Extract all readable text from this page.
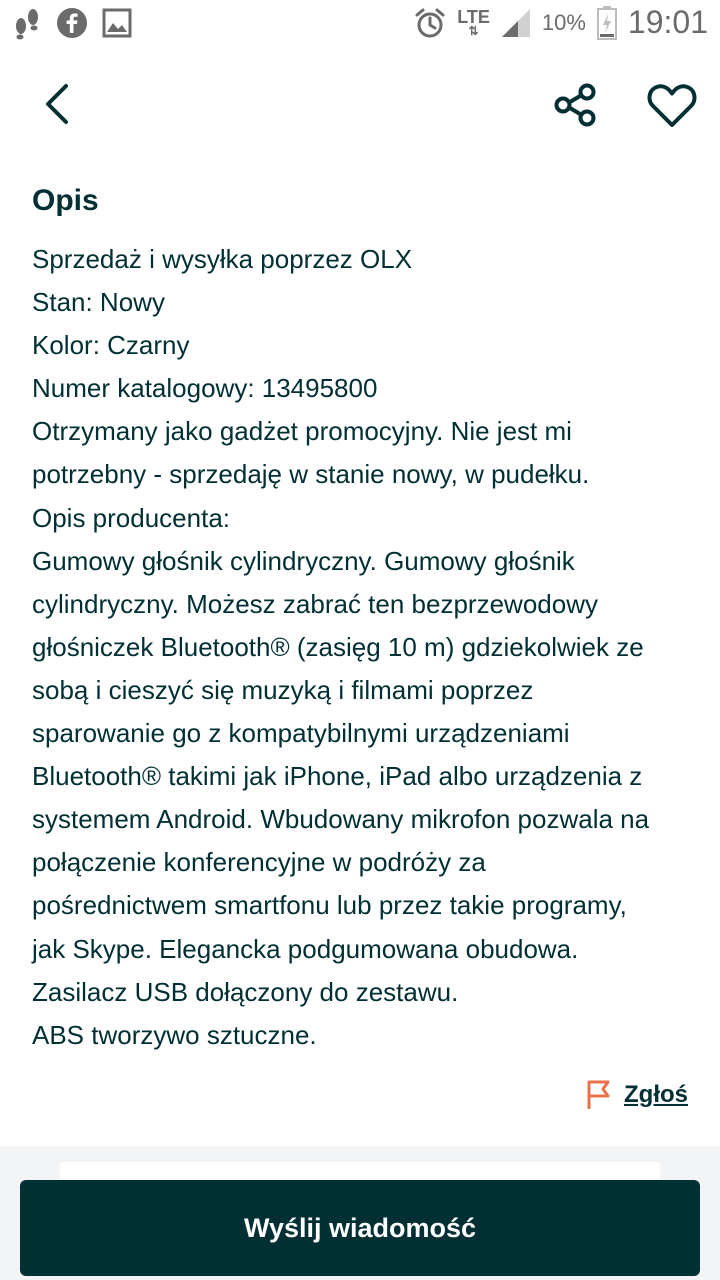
LTE
⇅	10% 19:01
Opis
Sprzedaż i wysyłka poprzez OLX
Stan: Nowy
Kolor: Czarny
Numer katalogowy: 13495800
Otrzymany jako gadżet promocyjny. Nie jest mi potrzebny - sprzedaję w stanie nowy, w pudełku.
Opis producenta:
Gumowy głośnik cylindryczny. Gumowy głośnik cylindryczny. Możesz zabrać ten bezprzewodowy głośniczek Bluetooth® (zasięg 10 m) gdziekolwiek ze sobą i cieszyć się muzyką i filmami poprzez sparowanie go z kompatybilnymi urządzeniami Bluetooth® takimi jak iPhone, iPad albo urządzenia z systemem Android. Wbudowany mikrofon pozwala na połączenie konferencyjne w podróży za pośrednictwem smartfonu lub przez takie programy, jak Skype. Elegancka podgumowana obudowa. Zasilacz USB dołączony do zestawu.
ABS tworzywo sztuczne.
Zgłoś
Wyślij wiadomość
